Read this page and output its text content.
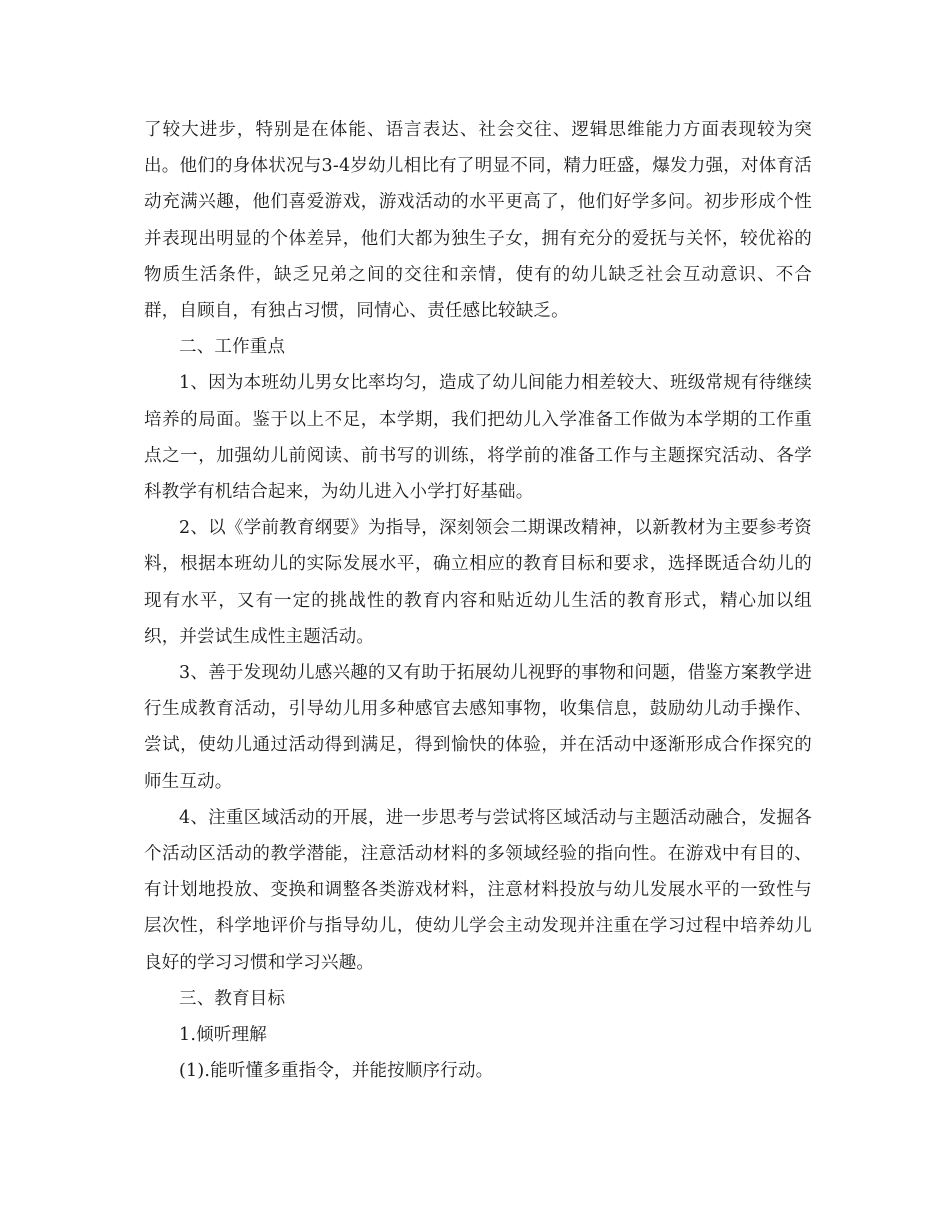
了较大进步，特别是在体能、语言表达、社会交往、逻辑思维能力方面表现较为突出。他们的身体状况与3-4岁幼儿相比有了明显不同，精力旺盛，爆发力强，对体育活动充满兴趣，他们喜爱游戏，游戏活动的水平更高了，他们好学多问。初步形成个性并表现出明显的个体差异，他们大都为独生子女，拥有充分的爱抚与关怀，较优裕的物质生活条件，缺乏兄弟之间的交往和亲情，使有的幼儿缺乏社会互动意识、不合群，自顾自，有独占习惯，同情心、责任感比较缺乏。

二、工作重点

1、因为本班幼儿男女比率均匀，造成了幼儿间能力相差较大、班级常规有待继续培养的局面。鉴于以上不足，本学期，我们把幼儿入学准备工作做为本学期的工作重点之一，加强幼儿前阅读、前书写的训练，将学前的准备工作与主题探究活动、各学科教学有机结合起来，为幼儿进入小学打好基础。

2、以《学前教育纲要》为指导，深刻领会二期课改精神，以新教材为主要参考资料，根据本班幼儿的实际发展水平，确立相应的教育目标和要求，选择既适合幼儿的现有水平，又有一定的挑战性的教育内容和贴近幼儿生活的教育形式，精心加以组织，并尝试生成性主题活动。

3、善于发现幼儿感兴趣的又有助于拓展幼儿视野的事物和问题，借鉴方案教学进行生成教育活动，引导幼儿用多种感官去感知事物，收集信息，鼓励幼儿动手操作、尝试，使幼儿通过活动得到满足，得到愉快的体验，并在活动中逐渐形成合作探究的师生互动。

4、注重区域活动的开展，进一步思考与尝试将区域活动与主题活动融合，发掘各个活动区活动的教学潜能，注意活动材料的多领域经验的指向性。在游戏中有目的、有计划地投放、变换和调整各类游戏材料，注意材料投放与幼儿发展水平的一致性与层次性，科学地评价与指导幼儿，使幼儿学会主动发现并注重在学习过程中培养幼儿良好的学习习惯和学习兴趣。

三、教育目标

1.倾听理解

(1).能听懂多重指令，并能按顺序行动。
